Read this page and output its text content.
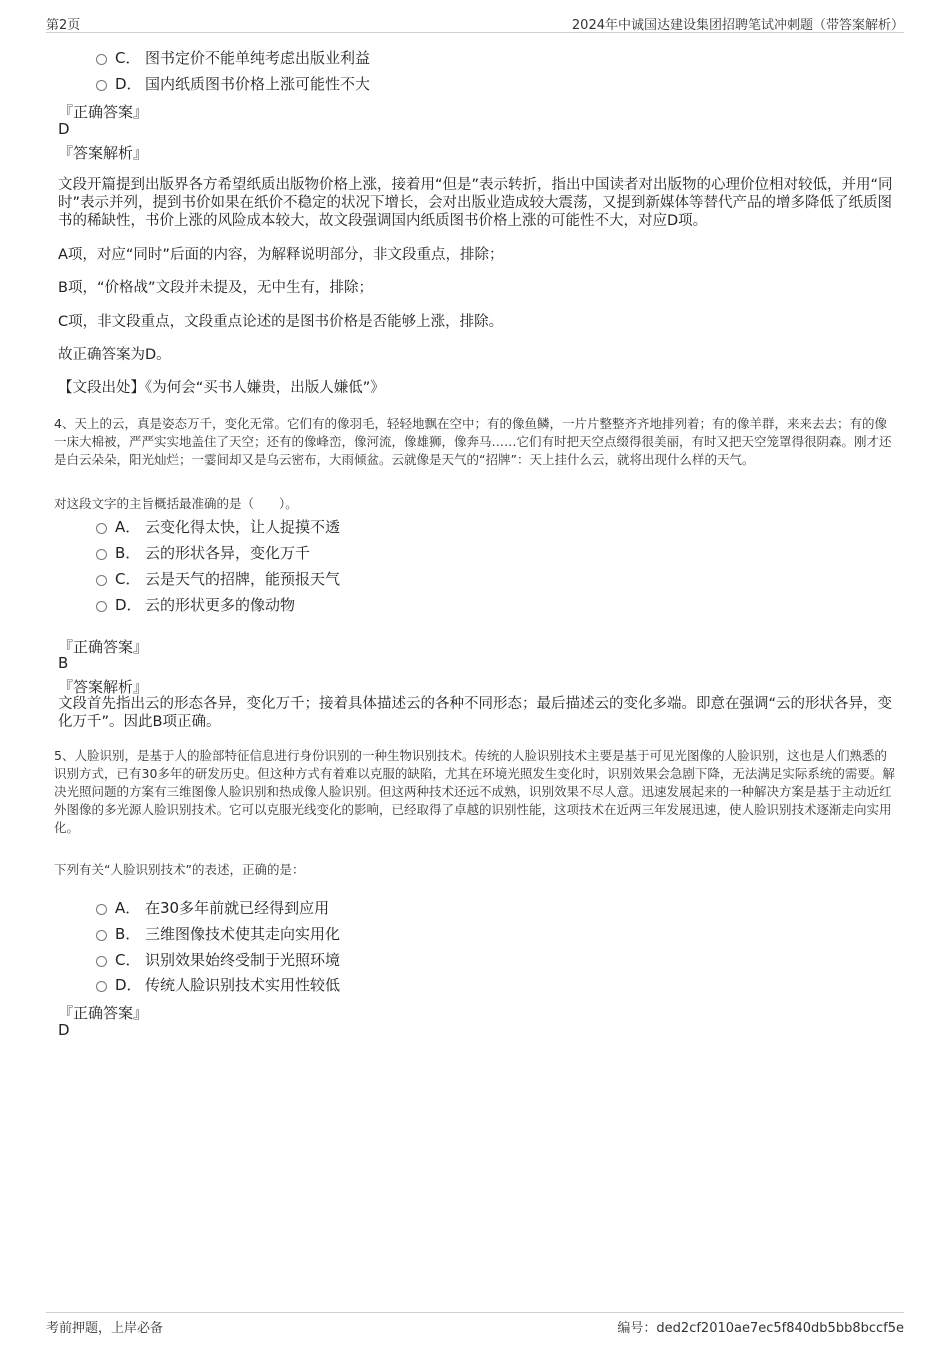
第2页	2024年中诚国达建设集团招聘笔试冲刺题（带答案解析）
C． 图书定价不能单纯考虑出版业利益
D． 国内纸质图书价格上涨可能性不大
『正确答案』
D
『答案解析』
文段开篇提到出版界各方希望纸质出版物价格上涨，接着用“但是”表示转折，指出中国读者对出版物的心理价位相对较低，并用“同时”表示并列，提到书价如果在纸价不稳定的状况下增长，会对出版业造成较大震荡，又提到新媒体等替代产品的增多降低了纸质图书的稀缺性，书价上涨的风险成本较大，故文段强调国内纸质图书价格上涨的可能性不大，对应D项。
A项，对应“同时”后面的内容，为解释说明部分，非文段重点，排除；
B项，“价格战”文段并未提及，无中生有，排除；
C项，非文段重点，文段重点论述的是图书价格是否能够上涨，排除。
故正确答案为D。
【文段出处】《为何会“买书人嫌贵，出版人嫌低”》
4、天上的云，真是姿态万千，变化无常。它们有的像羽毛，轻轻地飘在空中；有的像鱼鳞，一片片整整齐齐地排列着；有的像羊群，来来去去；有的像一床大棉被，严严实实地盖住了天空；还有的像峰峦，像河流，像雄狮，像奔马……它们有时把天空点缀得很美丽，有时又把天空笼罩得很阴森。刚才还是白云朵朵，阳光灿烂；一霎间却又是乌云密布，大雨倾盆。云就像是天气的“招牌”：天上挂什么云，就将出现什么样的天气。
对这段文字的主旨概括最准确的是（　　）。
A． 云变化得太快，让人捉摸不透
B． 云的形状各异，变化万千
C． 云是天气的招牌，能预报天气
D． 云的形状更多的像动物
『正确答案』
B
『答案解析』
文段首先指出云的形态各异，变化万千；接着具体描述云的各种不同形态；最后描述云的变化多端。即意在强调“云的形状各异，变化万千”。因此B项正确。
5、人脸识别，是基于人的脸部特征信息进行身份识别的一种生物识别技术。传统的人脸识别技术主要是基于可见光图像的人脸识别，这也是人们熟悉的识别方式，已有30多年的研发历史。但这种方式有着难以克服的缺陷，尤其在环境光照发生变化时，识别效果会急剧下降，无法满足实际系统的需要。解决光照问题的方案有三维图像人脸识别和热成像人脸识别。但这两种技术还远不成熟，识别效果不尽人意。迅速发展起来的一种解决方案是基于主动近红外图像的多光源人脸识别技术。它可以克服光线变化的影响，已经取得了卓越的识别性能，这项技术在近两三年发展迅速，使人脸识别技术逐渐走向实用化。
下列有关“人脸识别技术”的表述，正确的是：
A． 在30多年前就已经得到应用
B． 三维图像技术使其走向实用化
C． 识别效果始终受制于光照环境
D． 传统人脸识别技术实用性较低
『正确答案』
D
考前押题，上岸必备	编号：ded2cf2010ae7ec5f840db5bb8bccf5e
